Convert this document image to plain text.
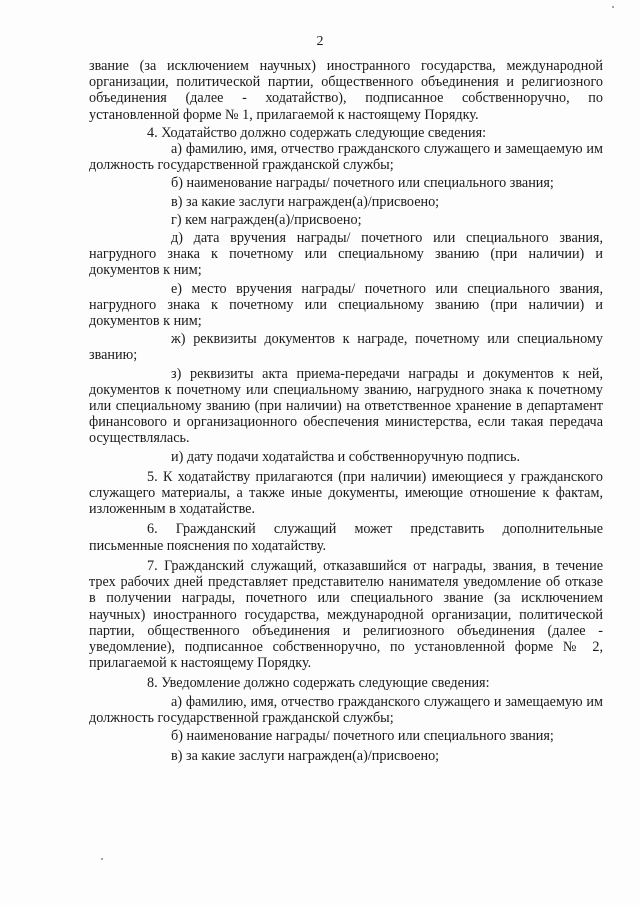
2

звание (за исключением научных) иностранного государства, международной организации, политической партии, общественного объединения и религиозного объединения (далее - ходатайство), подписанное собственноручно, по установленной форме № 1, прилагаемой к настоящему Порядку.

4. Ходатайство должно содержать следующие сведения:

а) фамилию, имя, отчество гражданского служащего и замещаемую им должность государственной гражданской службы;

б) наименование награды/ почетного или специального звания;

в) за какие заслуги награжден(а)/присвоено;

г) кем награжден(а)/присвоено;

д) дата вручения награды/ почетного или специального звания, нагрудного знака к почетному или специальному званию (при наличии) и документов к ним;

е) место вручения награды/ почетного или специального звания, нагрудного знака к почетному или специальному званию (при наличии) и документов к ним;

ж) реквизиты документов к награде, почетному или специальному званию;

з) реквизиты акта приема-передачи награды и документов к ней, документов к почетному или специальному званию, нагрудного знака к почетному или специальному званию (при наличии) на ответственное хранение в департамент финансового и организационного обеспечения министерства, если такая передача осуществлялась.

и) дату подачи ходатайства и собственноручную подпись.

5. К ходатайству прилагаются (при наличии) имеющиеся у гражданского служащего материалы, а также иные документы, имеющие отношение к фактам, изложенным в ходатайстве.

6. Гражданский служащий может представить дополнительные письменные пояснения по ходатайству.

7. Гражданский служащий, отказавшийся от награды, звания, в течение трех рабочих дней представляет представителю нанимателя уведомление об отказе в получении награды, почетного или специального звание (за исключением научных) иностранного государства, международной организации, политической партии, общественного объединения и религиозного объединения (далее - уведомление), подписанное собственноручно, по установленной форме № 2, прилагаемой к настоящему Порядку.

8. Уведомление должно содержать следующие сведения:

а) фамилию, имя, отчество гражданского служащего и замещаемую им должность государственной гражданской службы;

б) наименование награды/ почетного или специального звания;

в) за какие заслуги награжден(а)/присвоено;
